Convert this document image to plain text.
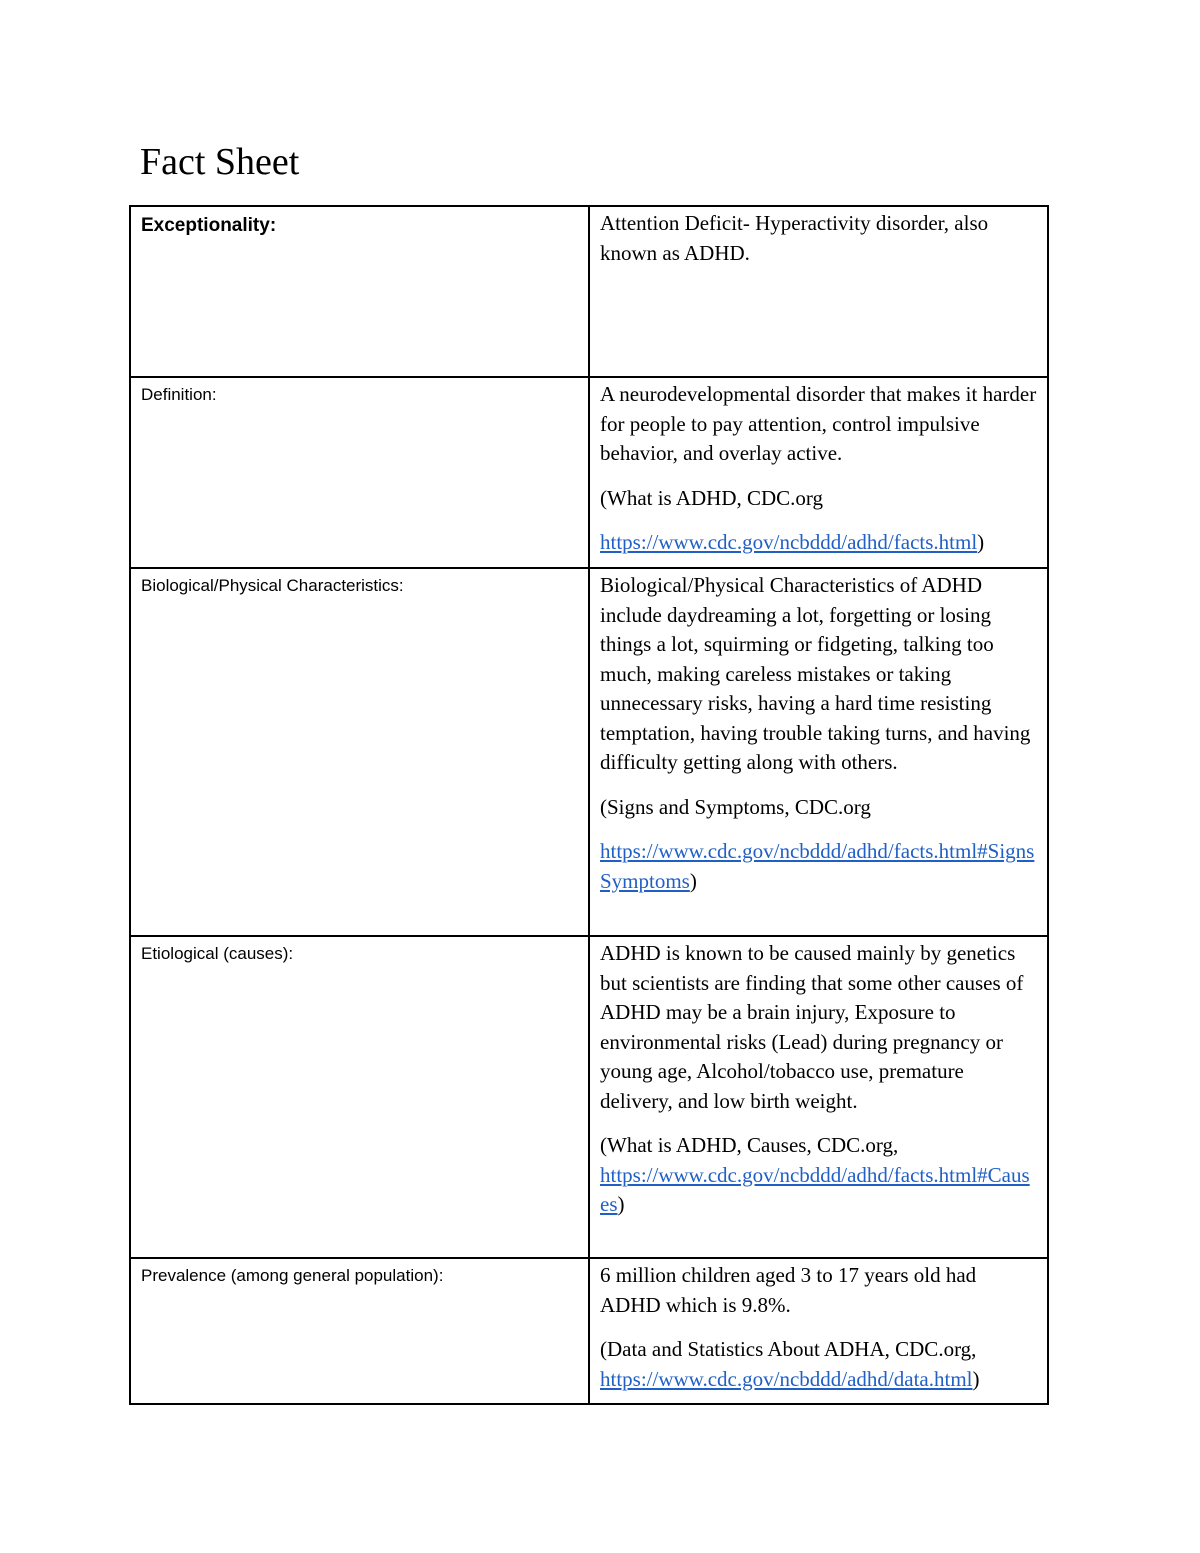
Fact Sheet
Exceptionality:	Attention Deficit- Hyperactivity disorder, also known as ADHD.

Definition:	A neurodevelopmental disorder that makes it harder for people to pay attention, control impulsive behavior, and overlay active.

(What is ADHD, CDC.org

https://www.cdc.gov/ncbddd/adhd/facts.html)

Biological/Physical Characteristics:	Biological/Physical Characteristics of ADHD include daydreaming a lot, forgetting or losing things a lot, squirming or fidgeting, talking too much, making careless mistakes or taking unnecessary risks, having a hard time resisting temptation, having trouble taking turns, and having difficulty getting along with others.

(Signs and Symptoms, CDC.org

https://www.cdc.gov/ncbddd/adhd/facts.html#SignsSymptoms)

Etiological (causes):	ADHD is known to be caused mainly by genetics but scientists are finding that some other causes of ADHD may be a brain injury, Exposure to environmental risks (Lead) during pregnancy or young age, Alcohol/tobacco use, premature delivery, and low birth weight.

(What is ADHD, Causes, CDC.org,
https://www.cdc.gov/ncbddd/adhd/facts.html#Causes)

Prevalence (among general population):	6 million children aged 3 to 17 years old had ADHD which is 9.8%.

(Data and Statistics About ADHA, CDC.org,
https://www.cdc.gov/ncbddd/adhd/data.html)
